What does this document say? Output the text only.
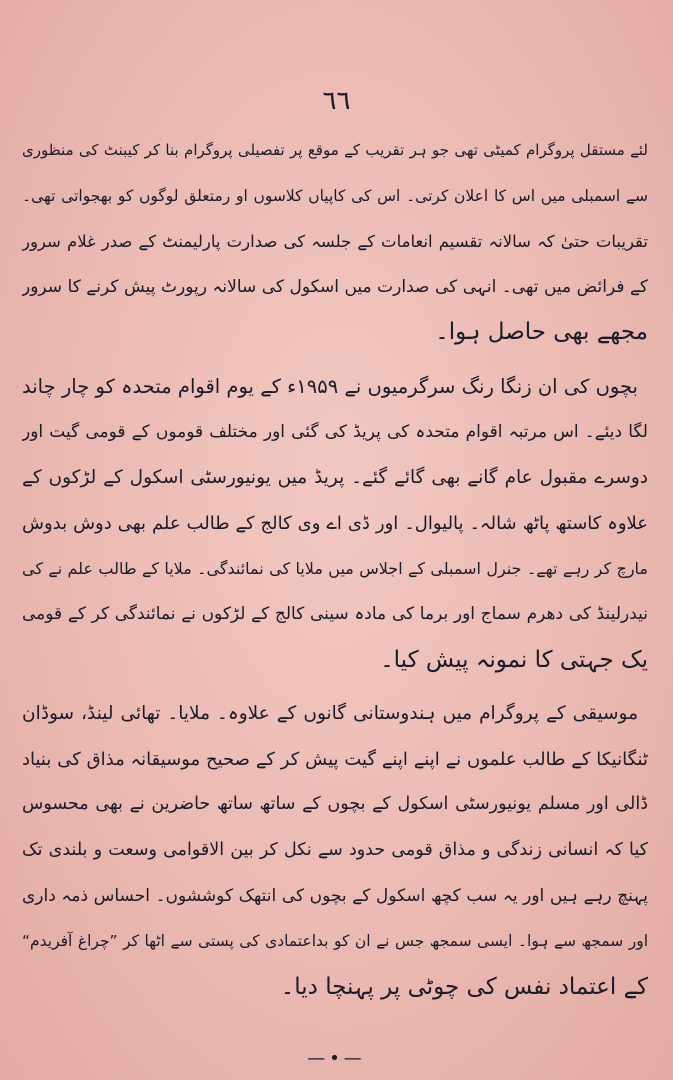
٦٦
لئے مستقل پروگرام کمیٹی تھی جو ہر تقریب کے موقع پر تفصیلی پروگرام بنا کر کیبنٹ کی منظوری
سے اسمبلی میں اس کا اعلان کرتی۔ اس کی کاپیاں کلاسوں او رمتعلق لوگوں کو بھجواتی تھی۔
تقریبات حتیٰ کہ سالانہ تقسیم انعامات کے جلسہ کی صدارت پارلیمنٹ کے صدر غلام سرور
کے فرائض میں تھی۔ انہی کی صدارت میں اسکول کی سالانہ رپورٹ پیش کرنے کا سرور
مجھے بھی حاصل ہوا۔
بچوں کی ان زنگا رنگ سرگرمیوں نے ۱۹۵۹ء کے یوم اقوام متحدہ کو چار چاند
لگا دیئے۔ اس مرتبہ اقوام متحدہ کی پریڈ کی گئی اور مختلف قوموں کے قومی گیت اور
دوسرے مقبول عام گانے بھی گائے گئے۔ پریڈ میں یونیورسٹی اسکول کے لڑکوں کے
علاوہ کاستھ پاٹھ شالہ۔ پالیوال۔ اور ڈی اے وی کالج کے طالب علم بھی دوش بدوش
مارچ کر رہے تھے۔ جنرل اسمبلی کے اجلاس میں ملایا کی نمائندگی۔ ملایا کے طالب علم نے کی
نیدرلینڈ کی دھرم سماج اور برما کی مادہ سینی کالج کے لڑکوں نے نمائندگی کر کے قومی
یک جہتی کا نمونہ پیش کیا۔
موسیقی کے پروگرام میں ہندوستانی گانوں کے علاوہ۔ ملایا۔ تھائی لینڈ، سوڈان
ٹنگانیکا کے طالب علموں نے اپنے اپنے گیت پیش کر کے صحیح موسیقانہ مذاق کی بنیاد
ڈالی اور مسلم یونیورسٹی اسکول کے بچوں کے ساتھ ساتھ حاضرین نے بھی محسوس
کیا کہ انسانی زندگی و مذاق قومی حدود سے نکل کر بین الاقوامی وسعت و بلندی تک
پہنچ رہے ہیں اور یہ سب کچھ اسکول کے بچوں کی انتھک کوششوں۔ احساس ذمہ داری
اور سمجھ سے ہوا۔ ایسی سمجھ جس نے ان کو بداعتمادی کی پستی سے اٹھا کر ”چراغ آفریدم“
کے اعتماد نفس کی چوٹی پر پہنچا دیا۔
—•—
